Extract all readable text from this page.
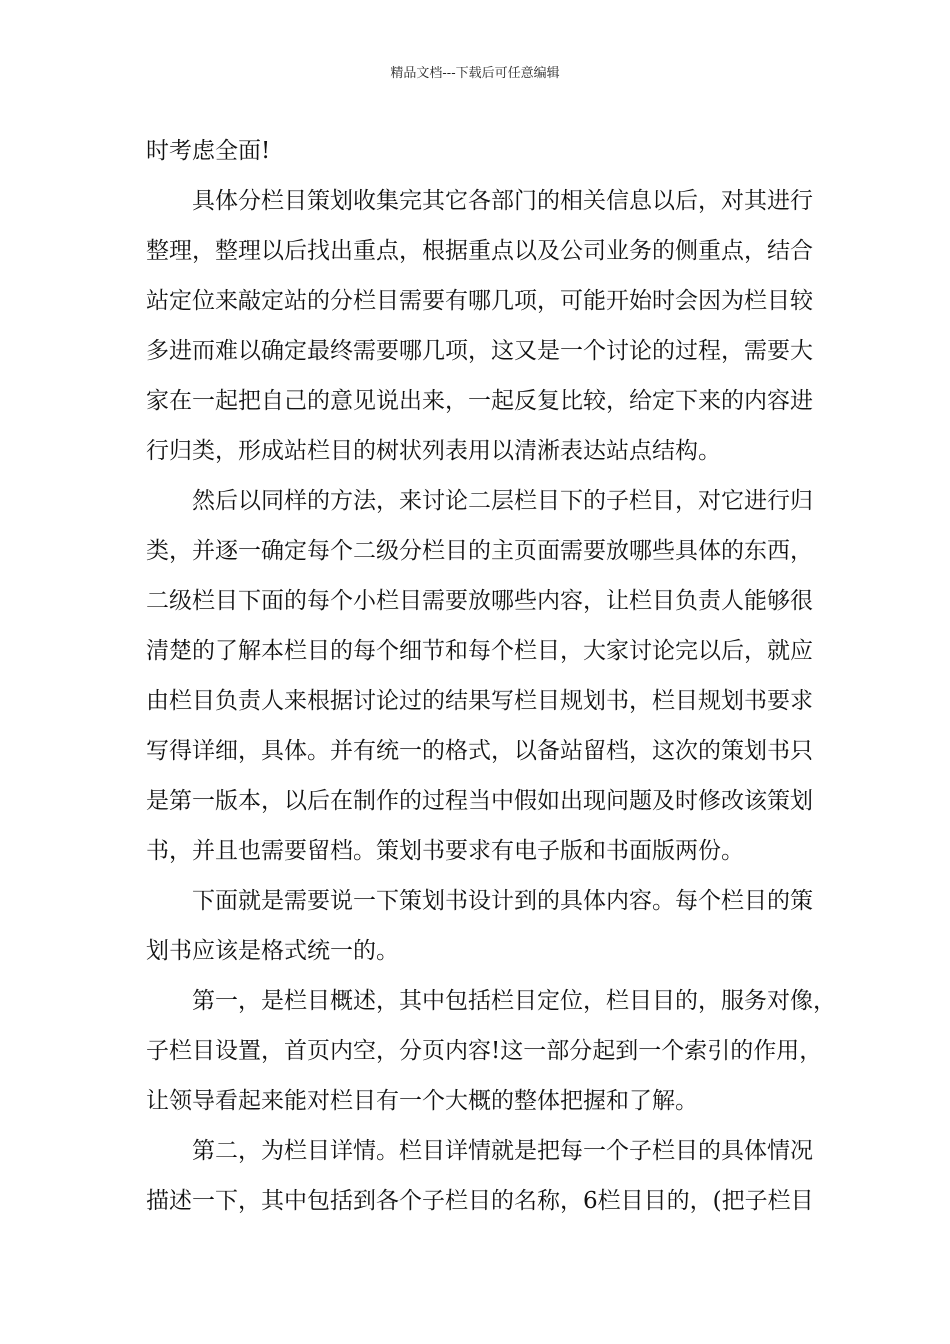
精品文档---下载后可任意编辑
时考虑全面!
具体分栏目策划收集完其它各部门的相关信息以后，对其进行
整理，整理以后找出重点，根据重点以及公司业务的侧重点，结合
站定位来敲定站的分栏目需要有哪几项，可能开始时会因为栏目较
多进而难以确定最终需要哪几项，这又是一个讨论的过程，需要大
家在一起把自己的意见说出来，一起反复比较，给定下来的内容进
行归类，形成站栏目的树状列表用以清淅表达站点结构。
然后以同样的方法，来讨论二层栏目下的子栏目，对它进行归
类，并逐一确定每个二级分栏目的主页面需要放哪些具体的东西，
二级栏目下面的每个小栏目需要放哪些内容，让栏目负责人能够很
清楚的了解本栏目的每个细节和每个栏目，大家讨论完以后，就应
由栏目负责人来根据讨论过的结果写栏目规划书，栏目规划书要求
写得详细，具体。并有统一的格式，以备站留档，这次的策划书只
是第一版本，以后在制作的过程当中假如出现问题及时修改该策划
书，并且也需要留档。策划书要求有电子版和书面版两份。
下面就是需要说一下策划书设计到的具体内容。每个栏目的策
划书应该是格式统一的。
第一，是栏目概述，其中包括栏目定位，栏目目的，服务对像，
子栏目设置，首页内空，分页内容!这一部分起到一个索引的作用，
让领导看起来能对栏目有一个大概的整体把握和了解。
第二，为栏目详情。栏目详情就是把每一个子栏目的具体情况
描述一下，其中包括到各个子栏目的名称，6栏目目的，(把子栏目
